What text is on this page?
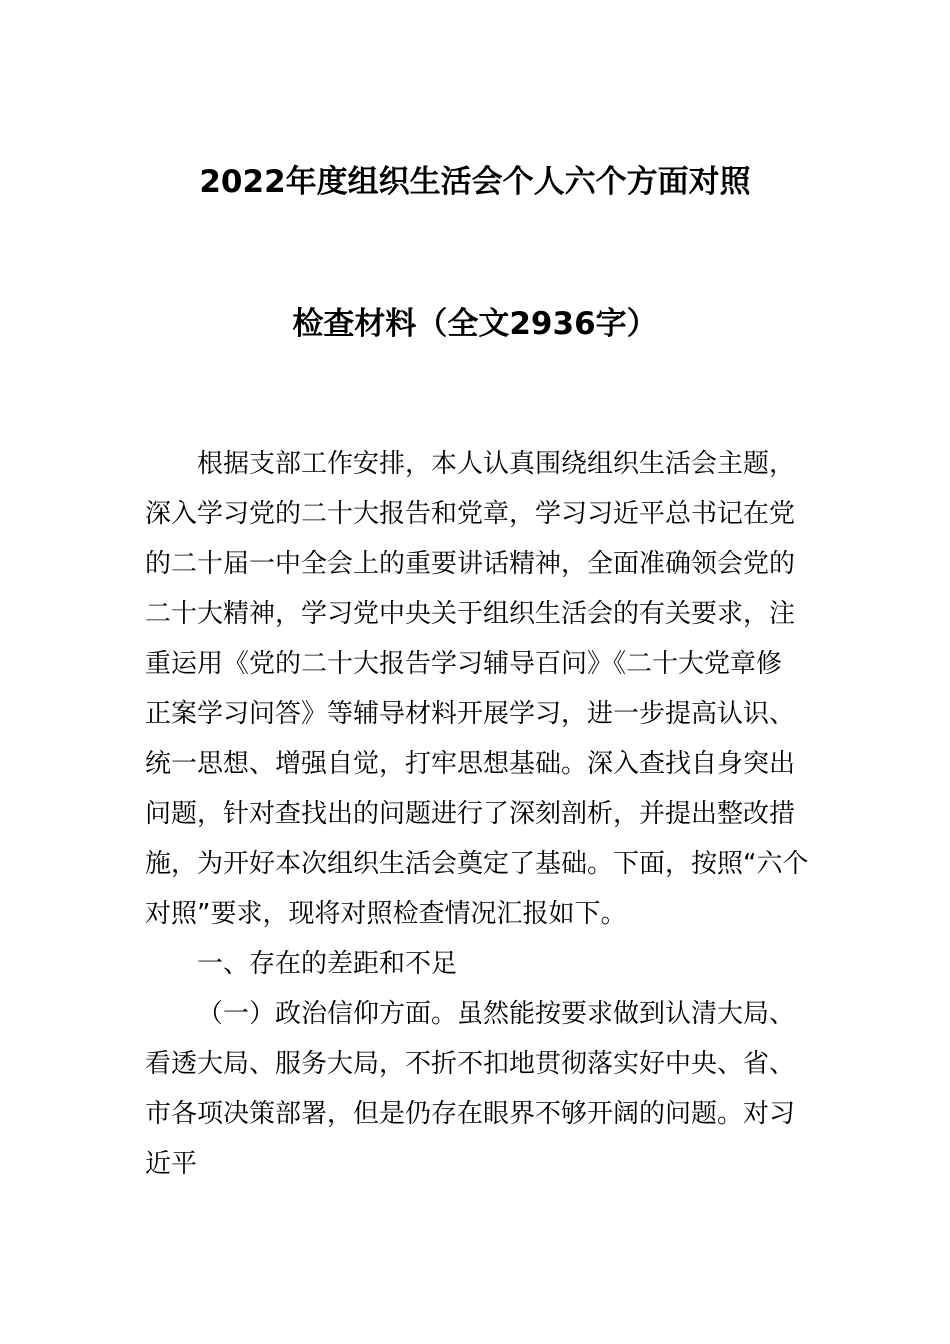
2022年度组织生活会个人六个方面对照
检查材料（全文2936字）
根据支部工作安排，本人认真围绕组织生活会主题，
深入学习党的二十大报告和党章，学习习近平总书记在党
的二十届一中全会上的重要讲话精神，全面准确领会党的
二十大精神，学习党中央关于组织生活会的有关要求，注
重运用《党的二十大报告学习辅导百问》《二十大党章修
正案学习问答》等辅导材料开展学习，进一步提高认识、
统一思想、增强自觉，打牢思想基础。深入查找自身突出
问题，针对查找出的问题进行了深刻剖析，并提出整改措
施，为开好本次组织生活会奠定了基础。下面，按照“六个
对照”要求，现将对照检查情况汇报如下。
一、存在的差距和不足
（一）政治信仰方面。虽然能按要求做到认清大局、
看透大局、服务大局，不折不扣地贯彻落实好中央、省、
市各项决策部署，但是仍存在眼界不够开阔的问题。对习
近平
